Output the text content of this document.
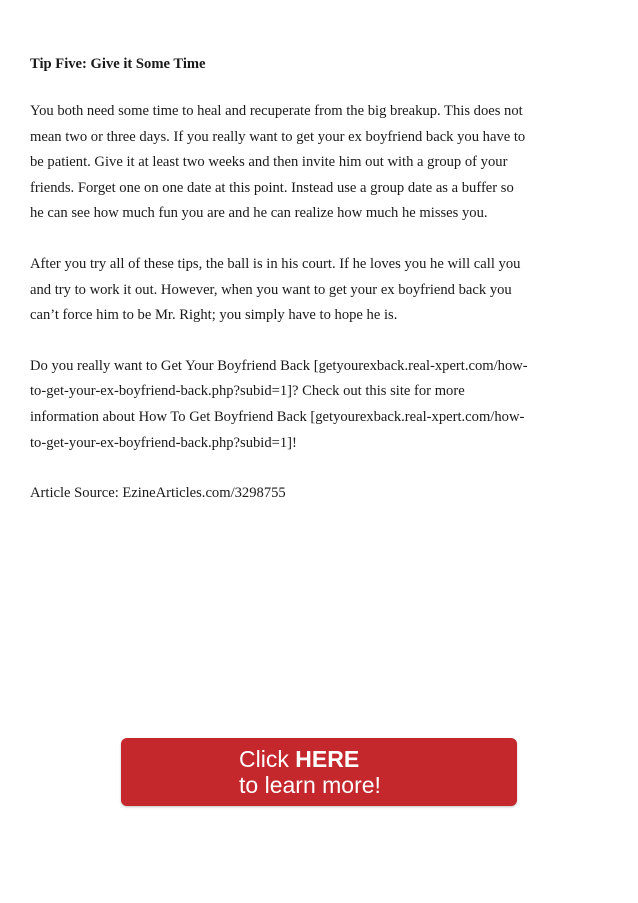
Tip Five: Give it Some Time
You both need some time to heal and recuperate from the big breakup. This does not
mean two or three days. If you really want to get your ex boyfriend back you have to
be patient. Give it at least two weeks and then invite him out with a group of your
friends. Forget one on one date at this point. Instead use a group date as a buffer so
he can see how much fun you are and he can realize how much he misses you.
After you try all of these tips, the ball is in his court. If he loves you he will call you
and try to work it out. However, when you want to get your ex boyfriend back you
can’t force him to be Mr. Right; you simply have to hope he is.
Do you really want to Get Your Boyfriend Back [getyourexback.real-xpert.com/how-
to-get-your-ex-boyfriend-back.php?subid=1]? Check out this site for more
information about How To Get Boyfriend Back [getyourexback.real-xpert.com/how-
to-get-your-ex-boyfriend-back.php?subid=1]!
Article Source: EzineArticles.com/3298755
Click HERE
to learn more!
